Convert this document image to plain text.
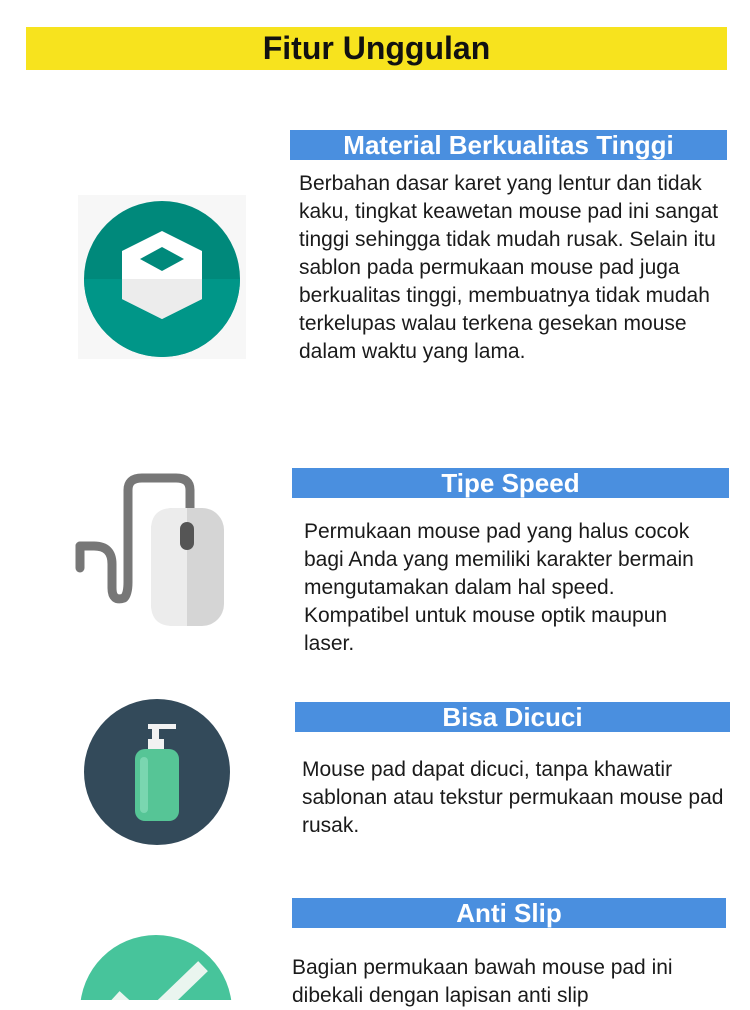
Fitur Unggulan
Material Berkualitas Tinggi
Berbahan dasar karet yang lentur dan tidak kaku, tingkat keawetan mouse pad ini sangat tinggi sehingga tidak mudah rusak. Selain itu sablon pada permukaan mouse pad juga berkualitas tinggi, membuatnya tidak mudah terkelupas walau terkena gesekan mouse dalam waktu yang lama.
Tipe Speed
Permukaan mouse pad yang halus cocok bagi Anda yang memiliki karakter bermain mengutamakan dalam hal speed. Kompatibel untuk mouse optik maupun laser.
Bisa Dicuci
Mouse pad dapat dicuci, tanpa khawatir sablonan atau tekstur permukaan mouse pad rusak.
Anti Slip
Bagian permukaan bawah mouse pad ini dibekali dengan lapisan anti slip
